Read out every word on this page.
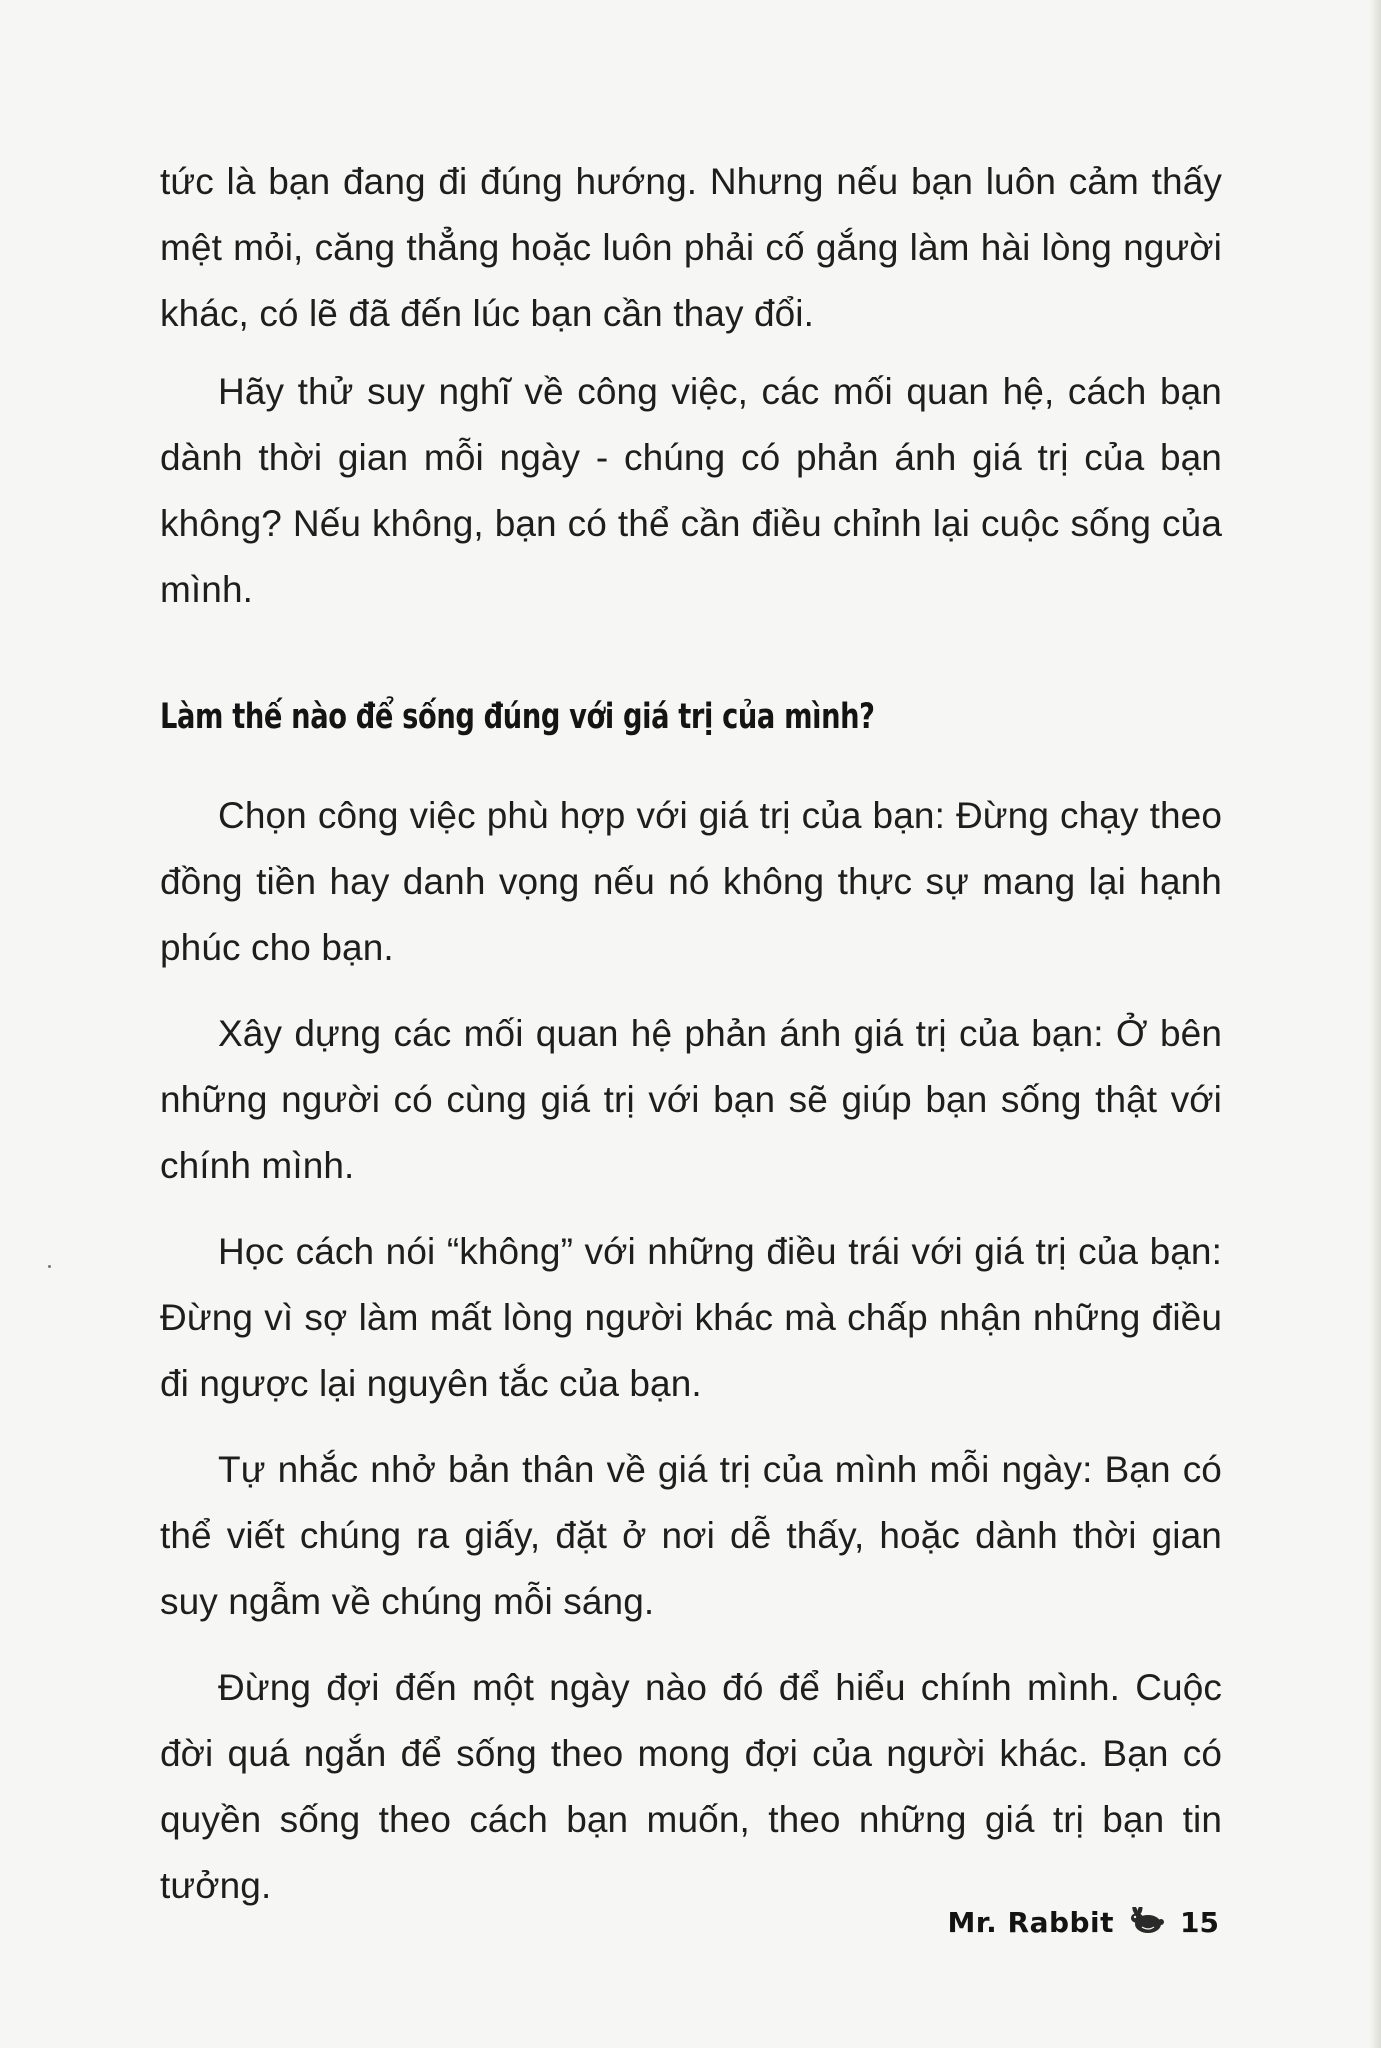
tức là bạn đang đi đúng hướng. Nhưng nếu bạn luôn cảm thấy mệt mỏi, căng thẳng hoặc luôn phải cố gắng làm hài lòng người khác, có lẽ đã đến lúc bạn cần thay đổi.

Hãy thử suy nghĩ về công việc, các mối quan hệ, cách bạn dành thời gian mỗi ngày - chúng có phản ánh giá trị của bạn không? Nếu không, bạn có thể cần điều chỉnh lại cuộc sống của mình.

Làm thế nào để sống đúng với giá trị của mình?

Chọn công việc phù hợp với giá trị của bạn: Đừng chạy theo đồng tiền hay danh vọng nếu nó không thực sự mang lại hạnh phúc cho bạn.

Xây dựng các mối quan hệ phản ánh giá trị của bạn: Ở bên những người có cùng giá trị với bạn sẽ giúp bạn sống thật với chính mình.

Học cách nói “không” với những điều trái với giá trị của bạn: Đừng vì sợ làm mất lòng người khác mà chấp nhận những điều đi ngược lại nguyên tắc của bạn.

Tự nhắc nhở bản thân về giá trị của mình mỗi ngày: Bạn có thể viết chúng ra giấy, đặt ở nơi dễ thấy, hoặc dành thời gian suy ngẫm về chúng mỗi sáng.

Đừng đợi đến một ngày nào đó để hiểu chính mình. Cuộc đời quá ngắn để sống theo mong đợi của người khác. Bạn có quyền sống theo cách bạn muốn, theo những giá trị bạn tin tưởng.

Mr. Rabbit 15
